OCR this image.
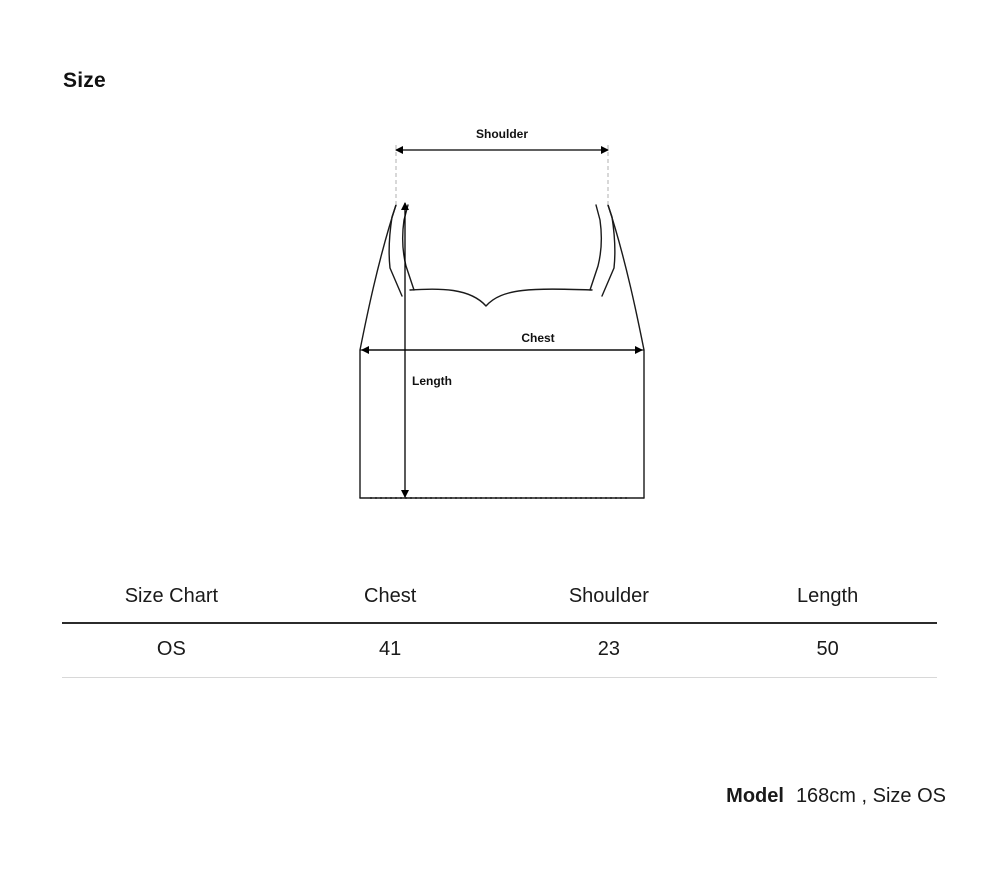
Size
Shoulder
Chest
Length
Size Chart	Chest	Shoulder	Length
OS	41	23	50
Model 168cm , Size OS
